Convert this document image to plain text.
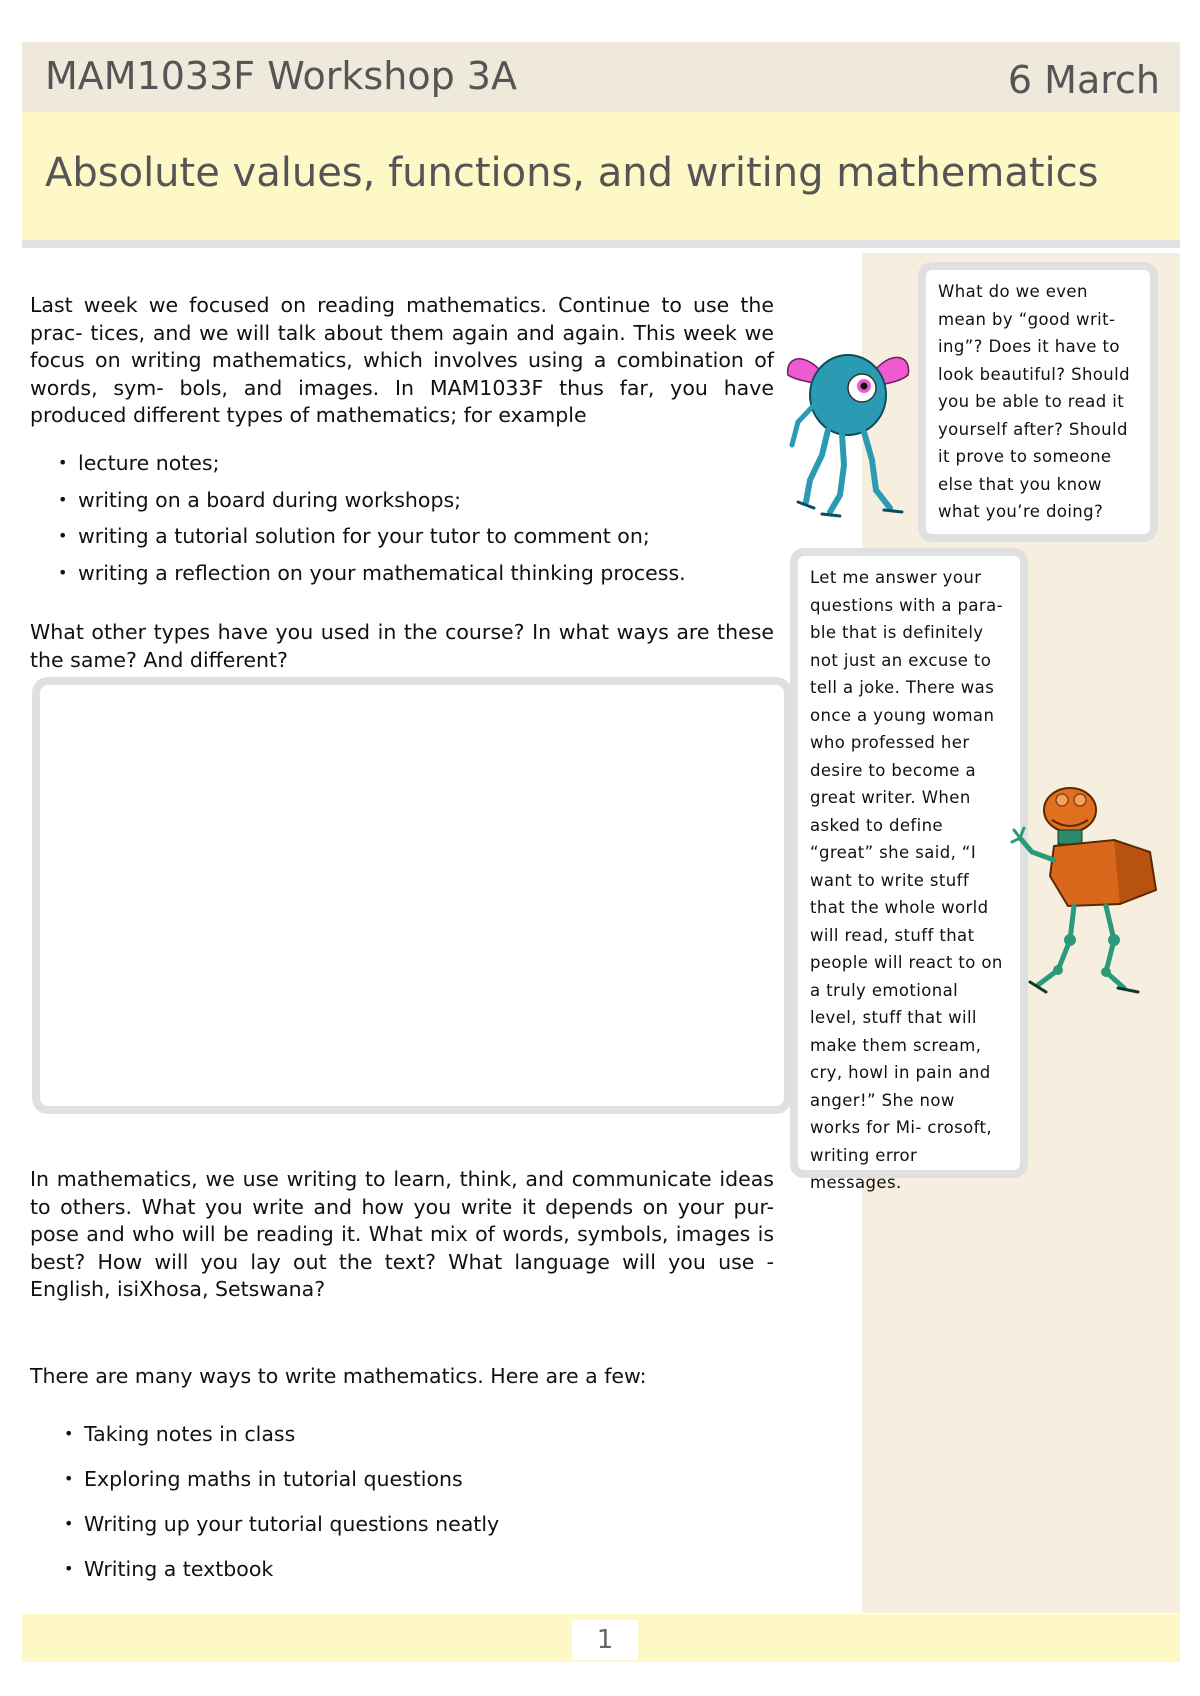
MAM1033F Workshop 3A	6 March
Absolute values, functions, and writing mathematics
Last week we focused on reading mathematics. Continue to use the prac- tices, and we will talk about them again and again. This week we focus on writing mathematics, which involves using a combination of words, sym- bols, and images. In MAM1033F thus far, you have produced different types of mathematics; for example
• lecture notes;
• writing on a board during workshops;
• writing a tutorial solution for your tutor to comment on;
• writing a reflection on your mathematical thinking process.
What other types have you used in the course? In what ways are these the same? And different?
In mathematics, we use writing to learn, think, and communicate ideas to others. What you write and how you write it depends on your pur- pose and who will be reading it. What mix of words, symbols, images is best? How will you lay out the text? What language will you use - English, isiXhosa, Setswana?
There are many ways to write mathematics. Here are a few:
• Taking notes in class
• Exploring maths in tutorial questions
• Writing up your tutorial questions neatly
• Writing a textbook
What do we even mean by “good writ- ing”? Does it have to look beautiful? Should you be able to read it yourself after? Should it prove to someone else that you know what you’re doing?
Let me answer your questions with a para- ble that is definitely not just an excuse to tell a joke. There was once a young woman who professed her desire to become a great writer. When asked to define “great” she said, “I want to write stuff that the whole world will read, stuff that people will react to on a truly emotional level, stuff that will make them scream, cry, howl in pain and anger!” She now works for Mi- crosoft, writing error messages.
1
